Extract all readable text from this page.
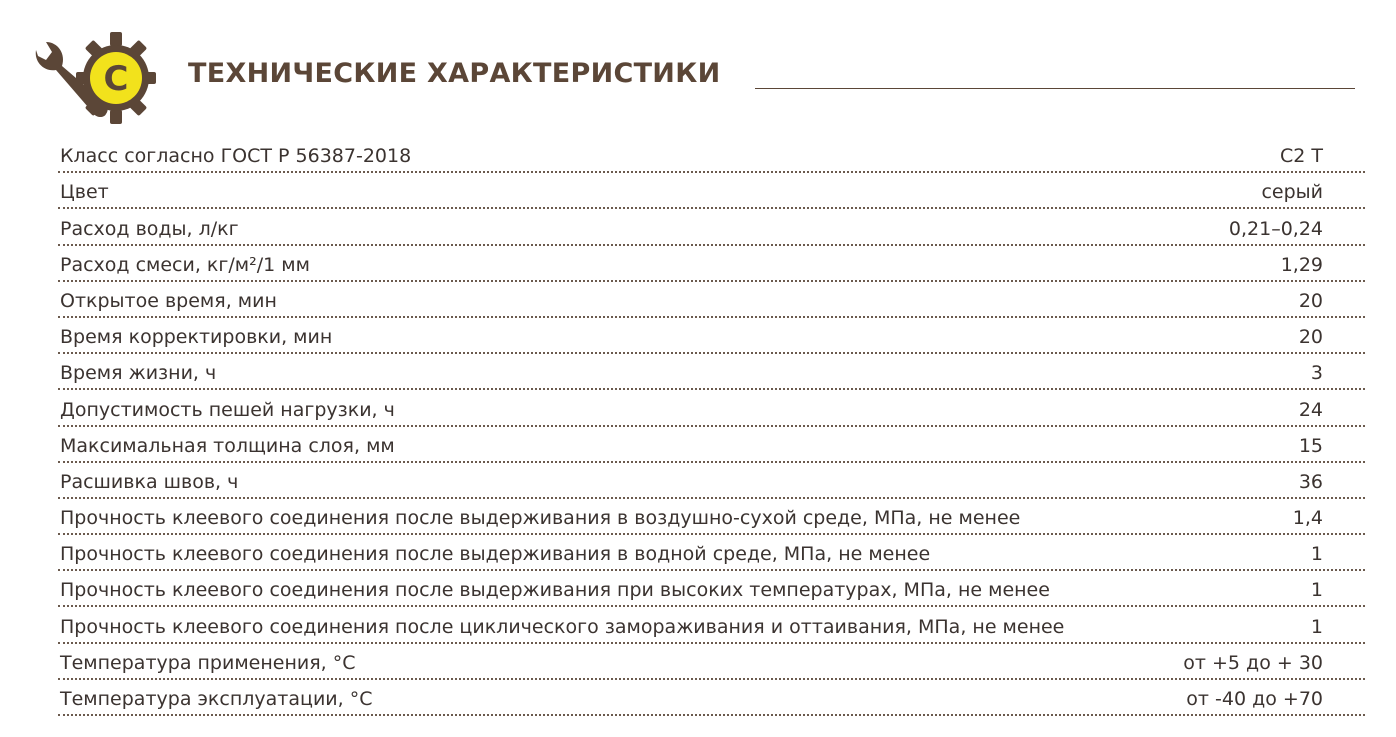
С ТЕХНИЧЕСКИЕ ХАРАКТЕРИСТИКИ
Класс согласно ГОСТ Р 56387-2018	С2 Т
Цвет	серый
Расход воды, л/кг	0,21–0,24
Расход смеси, кг/м²/1 мм	1,29
Открытое время, мин	20
Время корректировки, мин	20
Время жизни, ч	3
Допустимость пешей нагрузки, ч	24
Максимальная толщина слоя, мм	15
Расшивка швов, ч	36
Прочность клеевого соединения после выдерживания в воздушно-сухой среде, МПа, не менее	1,4
Прочность клеевого соединения после выдерживания в водной среде, МПа, не менее	1
Прочность клеевого соединения после выдерживания при высоких температурах, МПа, не менее	1
Прочность клеевого соединения после циклического замораживания и оттаивания, МПа, не менее	1
Температура применения, °С	от +5 до + 30
Температура эксплуатации, °С	от -40 до +70
